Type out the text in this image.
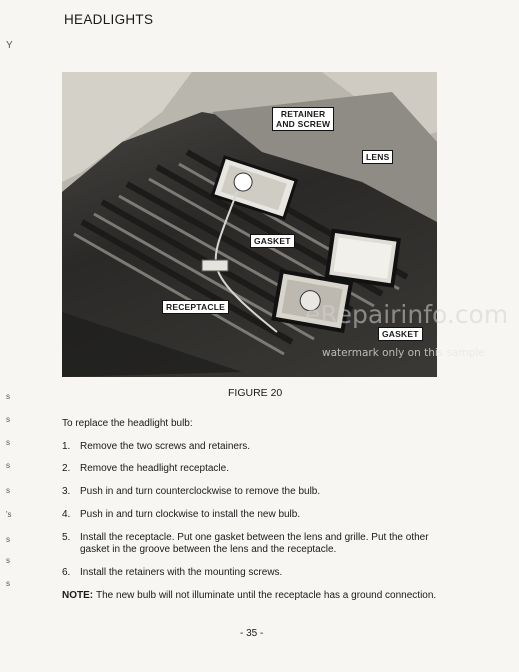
HEADLIGHTS
Y
s
s
s
s
s
's
s
s
s
RETAINER
AND SCREW
LENS
GASKET
RECEPTACLE
GASKET
eRepairinfo.com
watermark only on this sample
FIGURE 20
To replace the headlight bulb:
1. Remove the two screws and retainers.
2. Remove the headlight receptacle.
3. Push in and turn counterclockwise to remove the bulb.
4. Push in and turn clockwise to install the new bulb.
5. Install the receptacle. Put one gasket between the lens and grille. Put the other gasket in the groove between the lens and the receptacle.
6. Install the retainers with the mounting screws.
NOTE: The new bulb will not illuminate until the receptacle has a ground connection.
- 35 -
